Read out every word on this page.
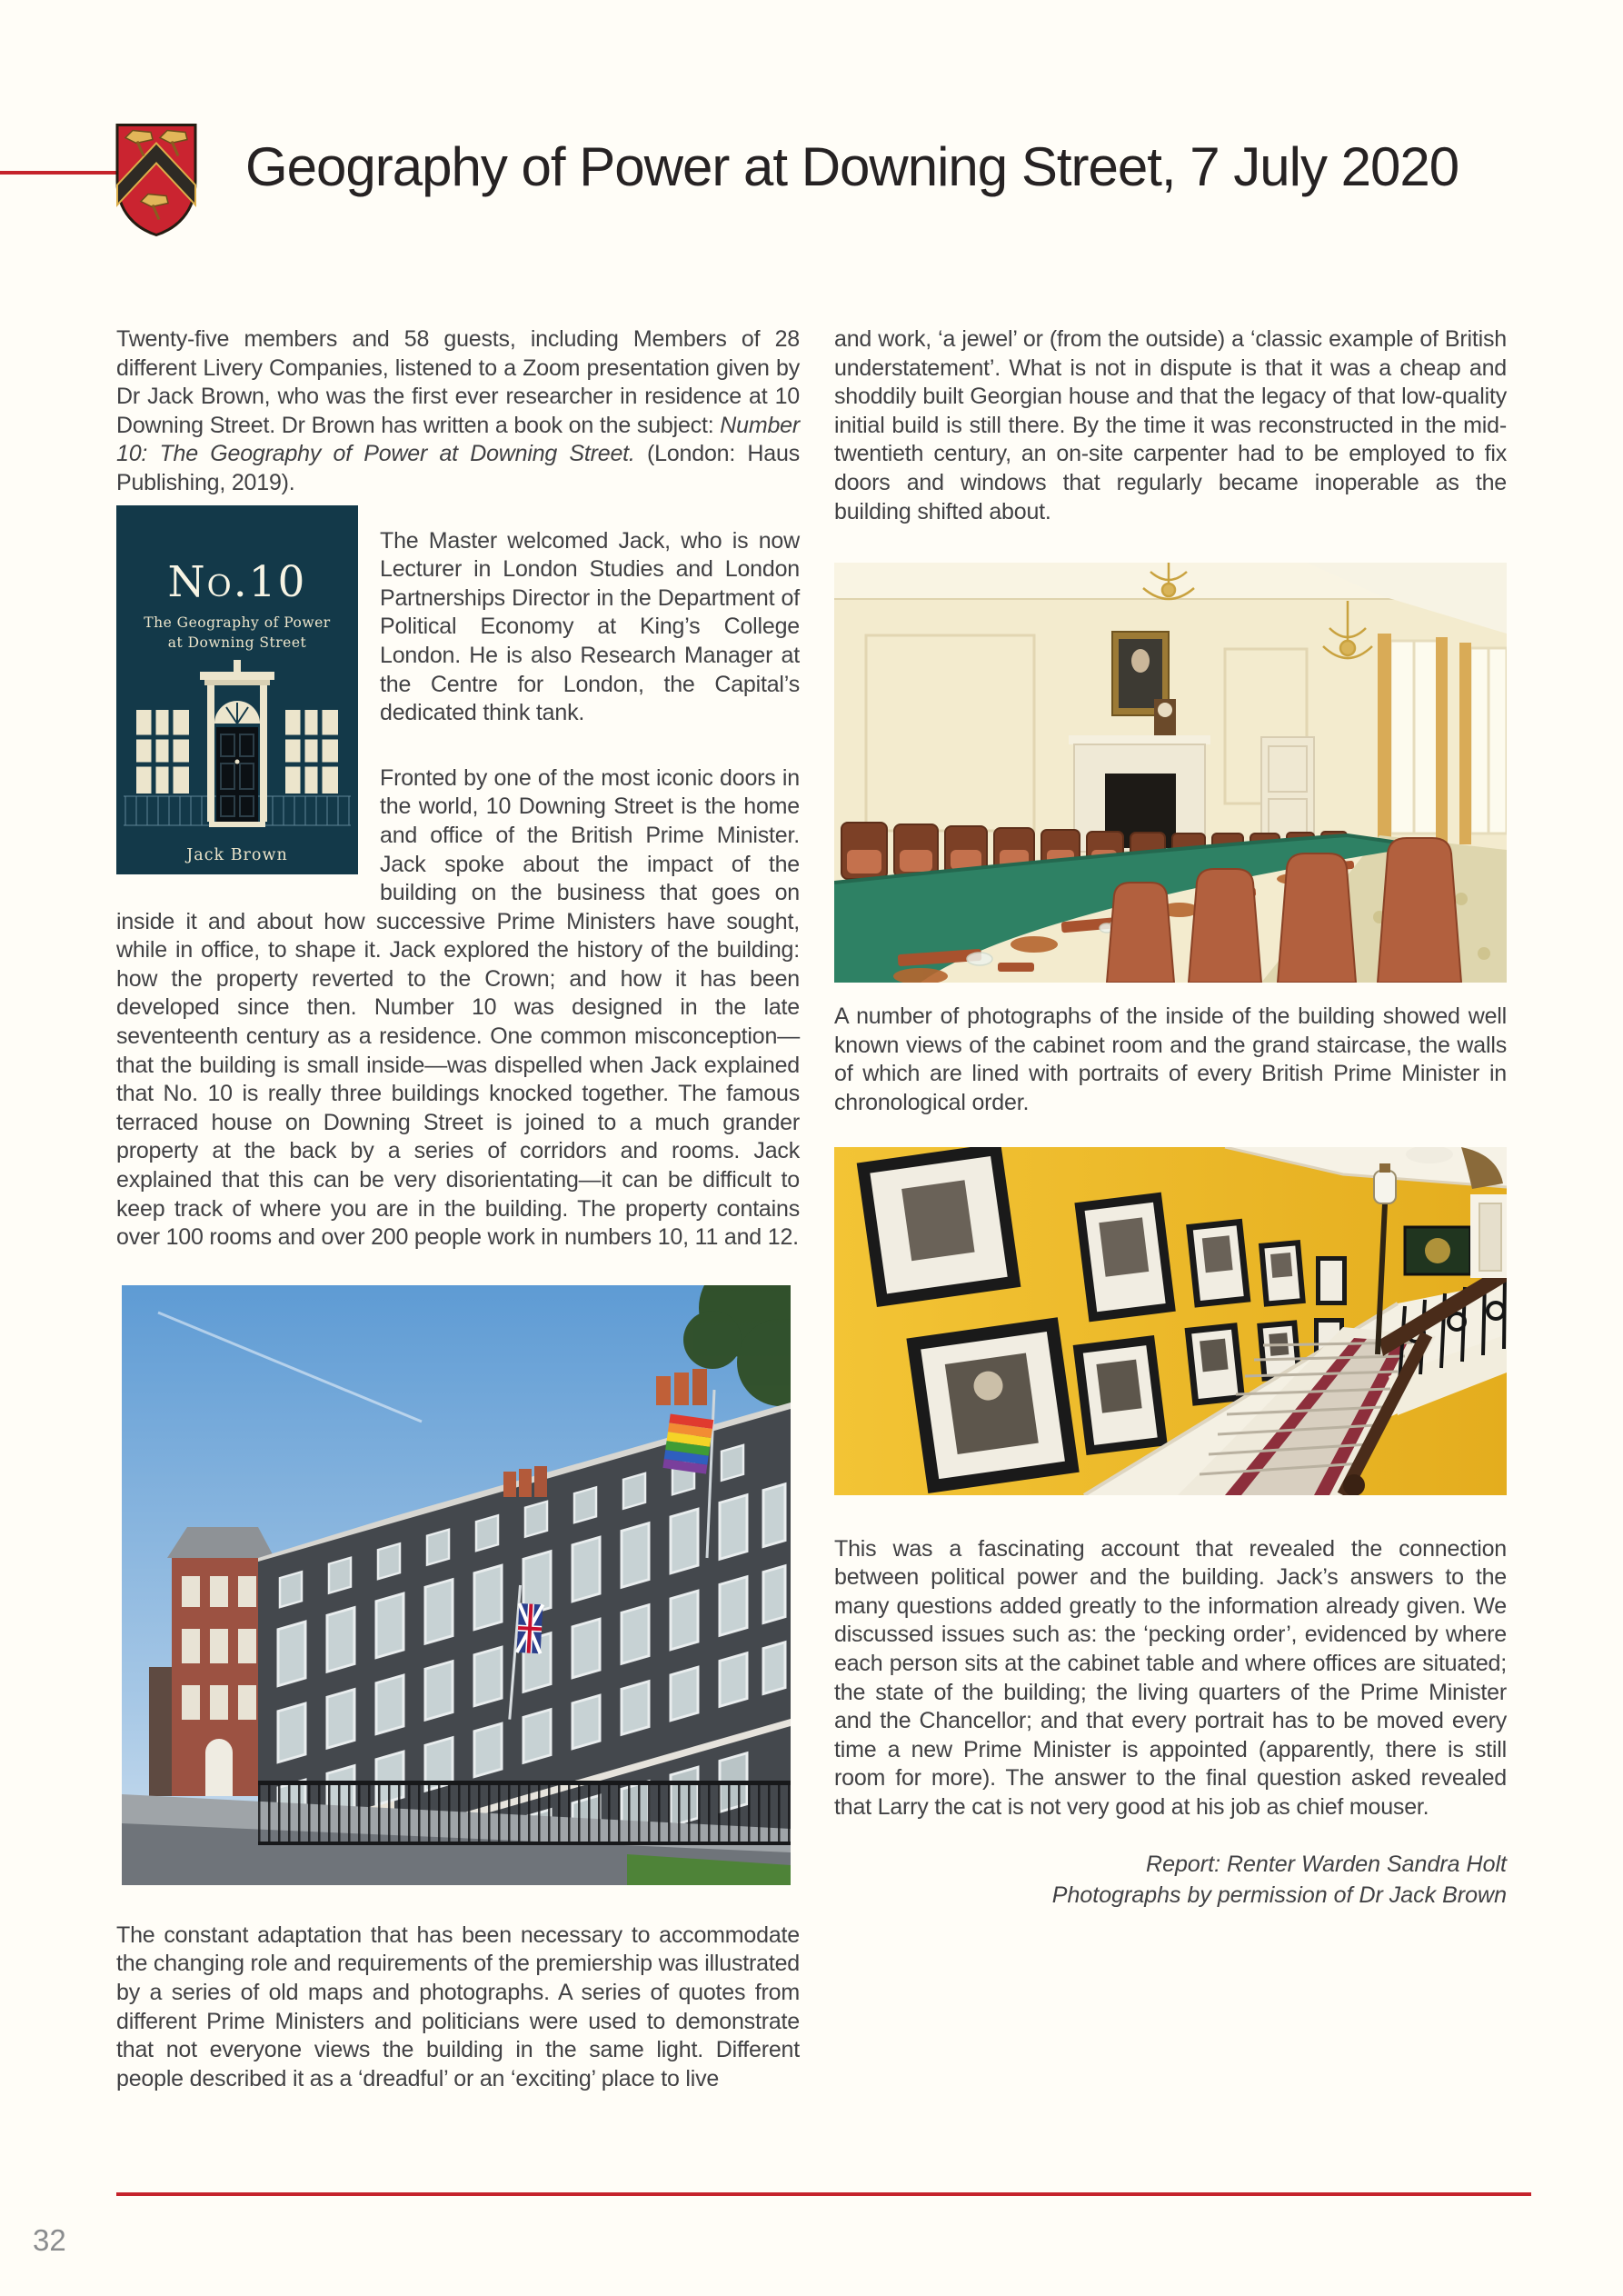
Geography of Power at Downing Street, 7 July 2020

Twenty-five members and 58 guests, including Members of 28 different Livery Companies, listened to a Zoom presentation given by Dr Jack Brown, who was the first ever researcher in residence at 10 Downing Street. Dr Brown has written a book on the subject: Number 10: The Geography of Power at Downing Street. (London: Haus Publishing, 2019).

No.10
The Geography of Power
at Downing Street
Jack Brown

The Master welcomed Jack, who is now Lecturer in London Studies and London Partnerships Director in the Department of Political Economy at King’s College London. He is also Research Manager at the Centre for London, the Capital’s dedicated think tank.

Fronted by one of the most iconic doors in the world, 10 Downing Street is the home and office of the British Prime Minister. Jack spoke about the impact of the building on the business that goes on inside it and about how successive Prime Ministers have sought, while in office, to shape it. Jack explored the history of the building: how the property reverted to the Crown; and how it has been developed since then. Number 10 was designed in the late seventeenth century as a residence. One common misconception—that the building is small inside—was dispelled when Jack explained that No. 10 is really three buildings knocked together. The famous terraced house on Downing Street is joined to a much grander property at the back by a series of corridors and rooms. Jack explained that this can be very disorientating—it can be difficult to keep track of where you are in the building. The property contains over 100 rooms and over 200 people work in numbers 10, 11 and 12.

The constant adaptation that has been necessary to accommodate the changing role and requirements of the premiership was illustrated by a series of old maps and photographs. A series of quotes from different Prime Ministers and politicians were used to demonstrate that not everyone views the building in the same light. Different people described it as a ‘dreadful’ or an ‘exciting’ place to live

and work, ‘a jewel’ or (from the outside) a ‘classic example of British understatement’. What is not in dispute is that it was a cheap and shoddily built Georgian house and that the legacy of that low-quality initial build is still there. By the time it was reconstructed in the mid-twentieth century, an on-site carpenter had to be employed to fix doors and windows that regularly became inoperable as the building shifted about.

A number of photographs of the inside of the building showed well known views of the cabinet room and the grand staircase, the walls of which are lined with portraits of every British Prime Minister in chronological order.

This was a fascinating account that revealed the connection between political power and the building. Jack’s answers to the many questions added greatly to the information already given. We discussed issues such as: the ‘pecking order’, evidenced by where each person sits at the cabinet table and where offices are situated; the state of the building; the living quarters of the Prime Minister and the Chancellor; and that every portrait has to be moved every time a new Prime Minister is appointed (apparently, there is still room for more). The answer to the final question asked revealed that Larry the cat is not very good at his job as chief mouser.

Report: Renter Warden Sandra Holt
Photographs by permission of Dr Jack Brown
32
